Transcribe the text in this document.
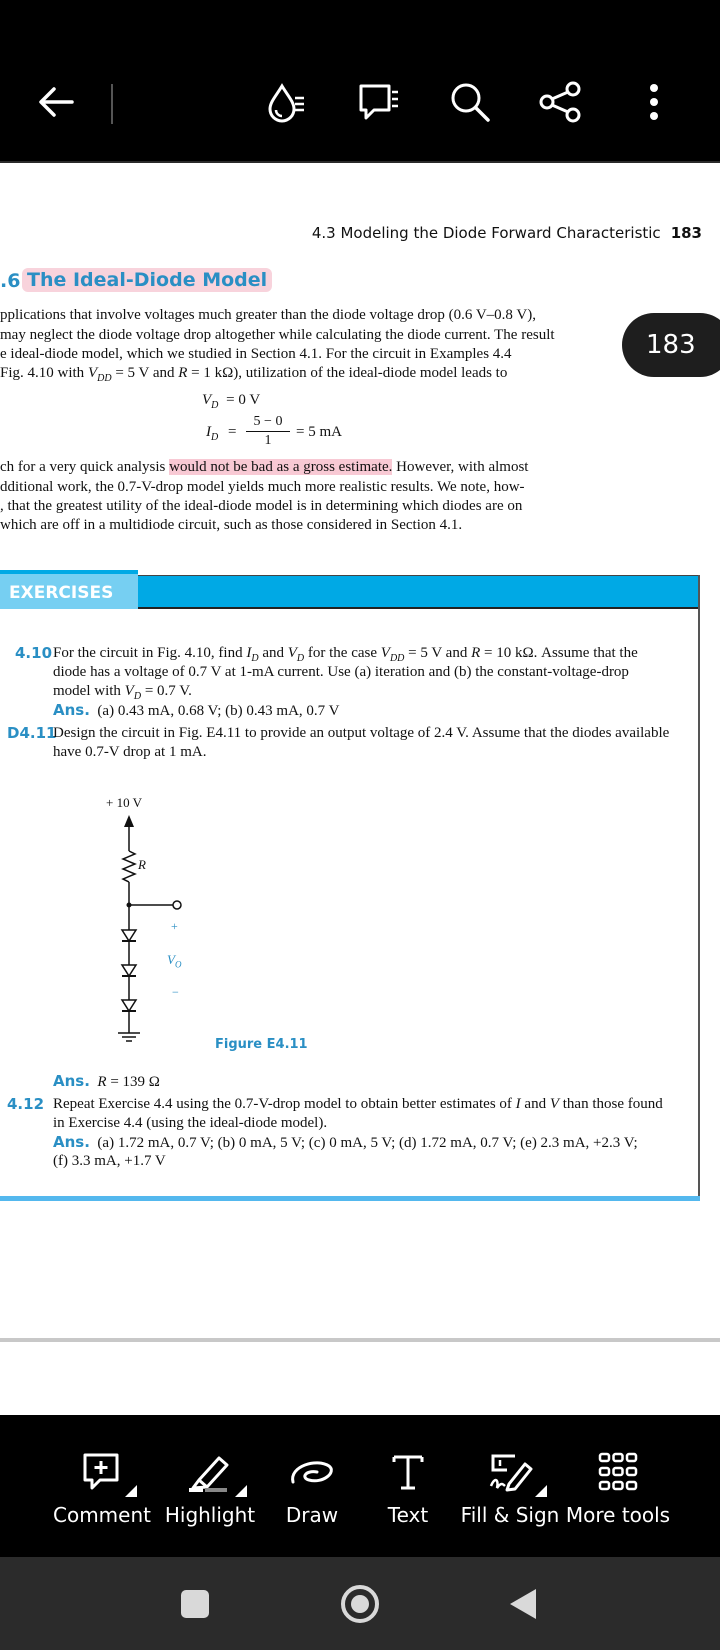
4.3 Modeling the Diode Forward Characteristic 183
.6 The Ideal-Diode Model
183
pplications that involve voltages much greater than the diode voltage drop (0.6 V–0.8 V),
may neglect the diode voltage drop altogether while calculating the diode current. The result
e ideal-diode model, which we studied in Section 4.1. For the circuit in Examples 4.4
Fig. 4.10 with $V_{DD} = 5$ V and R = 1 kΩ), utilization of the ideal-diode model leads to
$V_D = 0$ V
$I_D$ =
5 − 0
1
= 5 mA
ch for a very quick analysis would not be bad as a gross estimate. However, with almost
dditional work, the 0.7-V-drop model yields much more realistic results. We note, how-
, that the greatest utility of the ideal-diode model is in determining which diodes are on
which are off in a multidiode circuit, such as those considered in Section 4.1.
EXERCISES
4.10 For the circuit in Fig. 4.10, find $I_D$ and $V_D$ for the case $V_{DD} = 5$ V and R = 10 kΩ. Assume that the
diode has a voltage of 0.7 V at 1-mA current. Use (a) iteration and (b) the constant-voltage-drop
model with $V_D = 0.7$ V.
Ans. (a) 0.43 mA, 0.68 V; (b) 0.43 mA, 0.7 V
D4.11
Design the circuit in Fig. E4.11 to provide an output voltage of 2.4 V. Assume that the diodes available
have 0.7-V drop at 1 mA.
+ 10 V
R
+
$V_O$
−
Figure E4.11
Ans. R = 139 Ω
4.12 Repeat Exercise 4.4 using the 0.7-V-drop model to obtain better estimates of I and V than those found
in Exercise 4.4 (using the ideal-diode model).
Ans. (a) 1.72 mA, 0.7 V; (b) 0 mA, 5 V; (c) 0 mA, 5 V; (d) 1.72 mA, 0.7 V; (e) 2.3 mA, +2.3 V;
(f) 3.3 mA, +1.7 V
Comment Highlight	Draw	Text	Fill & Sign More tools
